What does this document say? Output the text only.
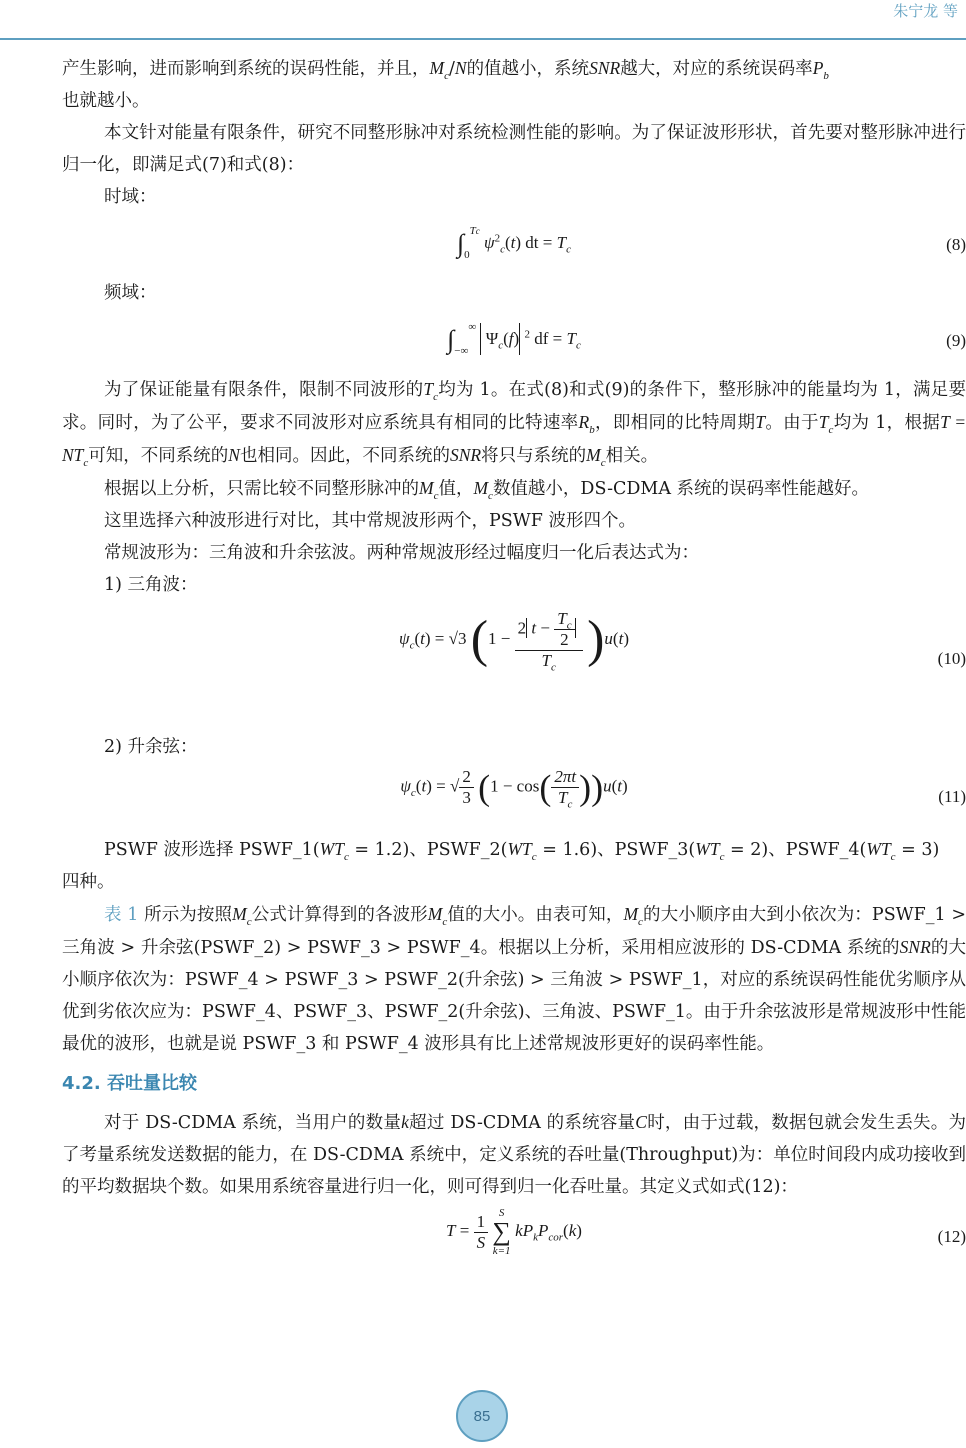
朱宁龙 等

产生影响，进而影响到系统的误码性能，并且，$M_c/N$的值越小，系统SNR越大，对应的系统误码率$P_b$
也就越小。

本文针对能量有限条件，研究不同整形脉冲对系统检测性能的影响。为了保证波形形状，首先要对整形脉冲进行归一化，即满足式(7)和式(8)：

时域：

$\int_0^{Tc}$ $\psi^2_c(t)$ dt = $T_c$	(8)

频域：

$\int_{-\infty}^\infty$  $\Psi_c(f)$ $^2$ df = $T_c$	(9)

为了保证能量有限条件，限制不同波形的$T_c$均为 1。在式(8)和式(9)的条件下，整形脉冲的能量均为 1，满足要求。同时，为了公平，要求不同波形对应系统具有相同的比特速率$R_b$，即相同的比特周期T。由于$T_c$均为 1，根据$T = NT_c$可知，不同系统的N也相同。因此，不同系统的SNR将只与系统的$M_c$相关。

根据以上分析，只需比较不同整形脉冲的$M_c$值，$M_c$数值越小，DS-CDMA 系统的误码率性能越好。

这里选择六种波形进行对比，其中常规波形两个，PSWF 波形四个。

常规波形为：三角波和升余弦波。两种常规波形经过幅度归一化后表达式为：

1) 三角波：

$\psi_c(t) = √3$ $(1 - \frac{2 t - \frac{T_c}{2}}{T_c} )u(t)$
(10)

2) 升余弦：

$\psi_c(t)$ = √ $\frac{2}{3} (1 - \cos( \frac{2\pi t}{T_c} ))u(t)$
(11)

PSWF 波形选择 $PSWF\_1(WT_c = 1.2)$、$PSWF\_2(WT_c = 1.6)$、$PSWF\_3(WT_c = 2)$、$PSWF\_4(WT_c = 3)$
四种。

表 1 所示为按照$M_c$公式计算得到的各波形$M_c$值的大小。由表可知，$M_c$的大小顺序由大到小依次为：PSWF_1 > 三角波 > 升余弦(PSWF_2) > PSWF_3 > PSWF_4。根据以上分析，采用相应波形的 DS-CDMA 系统的SNR的大小顺序依次为：PSWF_4 > PSWF_3 > PSWF_2(升余弦) > 三角波 > PSWF_1，对应的系统误码性能优劣顺序从优到劣依次应为：PSWF_4、PSWF_3、PSWF_2(升余弦)、三角波、PSWF_1。由于升余弦波形是常规波形中性能最优的波形，也就是说 PSWF_3 和 PSWF_4 波形具有比上述常规波形更好的误码率性能。

4.2. 吞吐量比较

对于 DS-CDMA 系统，当用户的数量k超过 DS-CDMA 的系统容量C时，由于过载，数据包就会发生丢失。为了考量系统发送数据的能力，在 DS-CDMA 系统中，定义系统的吞吐量(Throughput)为：单位时间段内成功接收到的平均数据块个数。如果用系统容量进行归一化，则可得到归一化吞吐量。其定义式如式(12)：

$T = \frac{1}{S}$
S
∑
k=1
$kP_kP_{cor}(k)$	(12)
85
